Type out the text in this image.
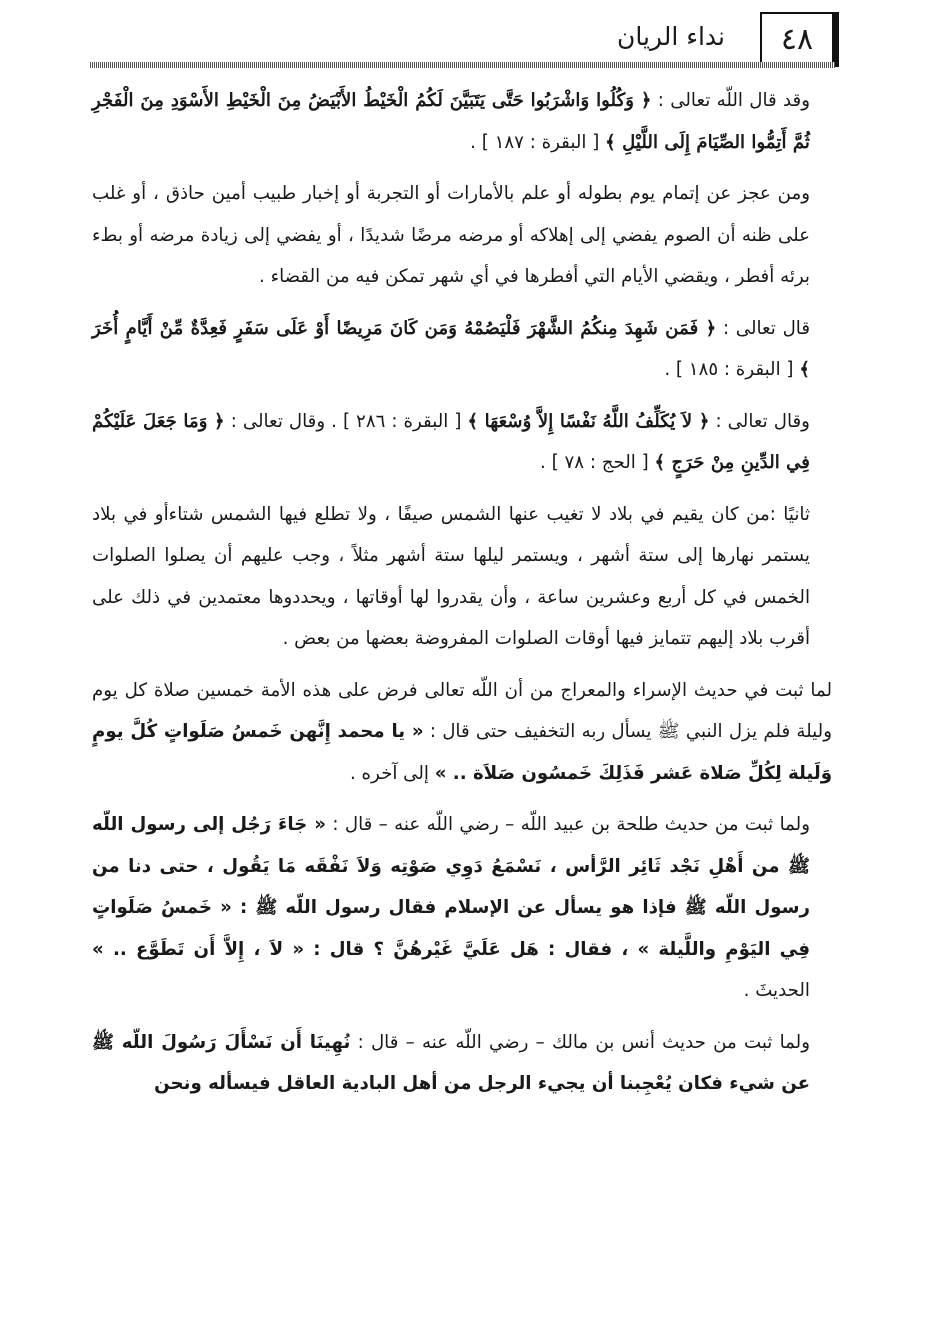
٤٨
نداء الريان

وقد قال اللّه تعالى : ﴿ وَكُلُوا وَاشْرَبُوا حَتَّى يَتَبَيَّنَ لَكُمُ الْخَيْطُ الأَبْيَضُ مِنَ الْخَيْطِ الأَسْوَدِ مِنَ الْفَجْرِ ثُمَّ أَتِمُّوا الصِّيَامَ إِلَى اللَّيْلِ ﴾ [ البقرة : ١٨٧ ] .

ومن عجز عن إتمام يوم بطوله أو علم بالأمارات أو التجربة أو إخبار طبيب أمين حاذق ، أو غلب على ظنه أن الصوم يفضي إلى إهلاكه أو مرضه مرضًا شديدًا ، أو يفضي إلى زيادة مرضه أو بطء برئه أفطر ، ويقضي الأيام التي أفطرها في أي شهر تمكن فيه من القضاء .

قال تعالى : ﴿ فَمَن شَهِدَ مِنكُمُ الشَّهْرَ فَلْيَصُمْهُ وَمَن كَانَ مَرِيضًا أَوْ عَلَى سَفَرٍ فَعِدَّةٌ مِّنْ أَيَّامٍ أُخَرَ ﴾ [ البقرة : ١٨٥ ] .

وقال تعالى : ﴿ لاَ يُكَلِّفُ اللَّهُ نَفْسًا إِلاَّ وُسْعَهَا ﴾ [ البقرة : ٢٨٦ ] . وقال تعالى : ﴿ وَمَا جَعَلَ عَلَيْكُمْ فِي الدِّينِ مِنْ حَرَجٍ ﴾ [ الحج : ٧٨ ] .

ثانيًا :من كان يقيم في بلاد لا تغيب عنها الشمس صيفًا ، ولا تطلع فيها الشمس شتاءأو في بلاد يستمر نهارها إلى ستة أشهر ، ويستمر ليلها ستة أشهر مثلاً ، وجب عليهم أن يصلوا الصلوات الخمس في كل أربع وعشرين ساعة ، وأن يقدروا لها أوقاتها ، ويحددوها معتمدين في ذلك على أقرب بلاد إليهم تتمايز فيها أوقات الصلوات المفروضة بعضها من بعض .

لما ثبت في حديث الإسراء والمعراج من أن اللّه تعالى فرض على هذه الأمة خمسين صلاة كل يوم وليلة فلم يزل النبي ﷺ يسأل ربه التخفيف حتى قال : « يا محمد إِنَّهن خَمسُ صَلَواتٍ كُلَّ يومٍ وَلَيلة لِكُلِّ صَلاة عَشر فَذَلِكَ خَمسُون صَلاَة .. » إلى آخره .

ولما ثبت من حديث طلحة بن عبيد اللّه – رضي اللّه عنه – قال : « جَاءَ رَجُل إلى رسول اللّه ﷺ من أَهْلِ نَجْد ثَائِر الرَّأس ، نَسْمَعُ دَوِي صَوْتِه وَلاَ نَفْقَه مَا يَقُول ، حتى دنا من رسول اللّه ﷺ فإذا هو يسأل عن الإسلام فقال رسول اللّه ﷺ : « خَمسُ صَلَواتٍ فِي اليَوْمِ واللَّيلة » ، فقال : هَل عَلَيَّ غَيْرهُنَّ ؟ قال : « لاَ ، إِلاَّ أَن تَطَوَّع .. » الحديثَ .

ولما ثبت من حديث أنس بن مالك – رضي اللّه عنه – قال : نُهِينَا أَن نَسْأَلَ رَسُولَ اللّه ﷺ عن شيء فكان يُعْجِبنا أن يجيء الرجل من أهل البادية العاقل فيسأله ونحن
